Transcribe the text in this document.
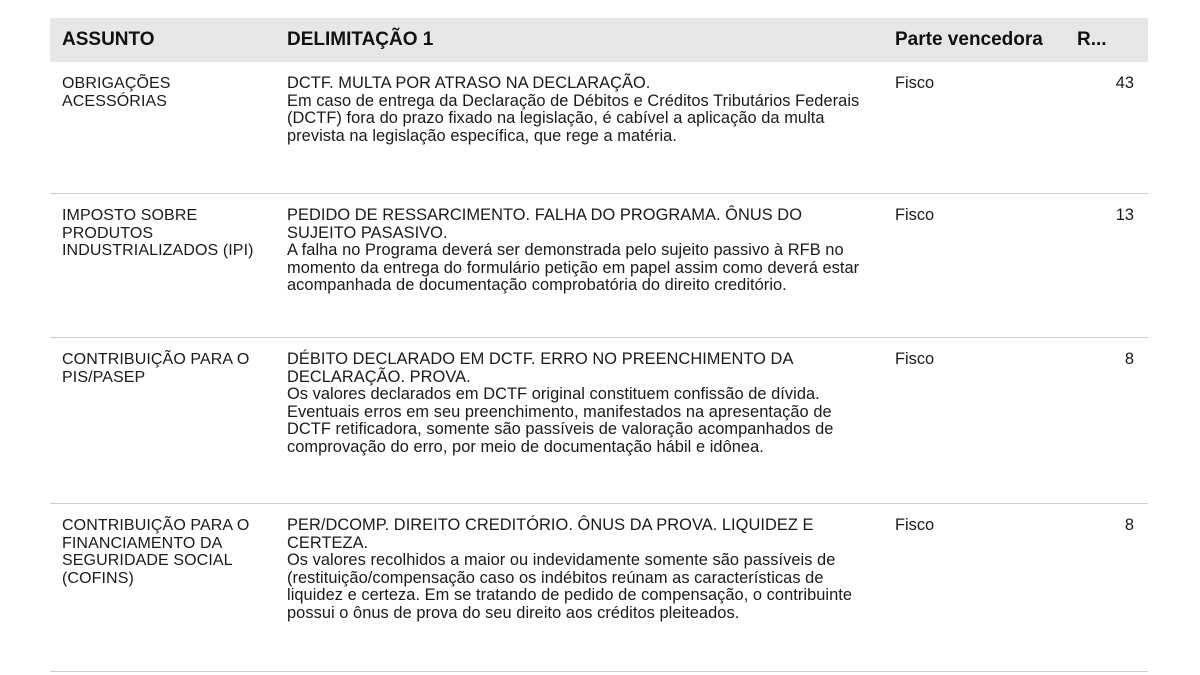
ASSUNTO	DELIMITAÇÃO 1	Parte vencedora	R...
OBRIGAÇÕES ACESSÓRIAS	DCTF. MULTA POR ATRASO NA DECLARAÇÃO.
Em caso de entrega da Declaração de Débitos e Créditos Tributários Federais (DCTF) fora do prazo fixado na legislação, é cabível a aplicação da multa prevista na legislação específica, que rege a matéria.	Fisco	43
IMPOSTO SOBRE PRODUTOS INDUSTRIALIZADOS (IPI)	PEDIDO DE RESSARCIMENTO. FALHA DO PROGRAMA. ÔNUS DO SUJEITO PASASIVO.
A falha no Programa deverá ser demonstrada pelo sujeito passivo à RFB no momento da entrega do formulário petição em papel assim como deverá estar acompanhada de documentação comprobatória do direito creditório.	Fisco	13
CONTRIBUIÇÃO PARA O PIS/PASEP	DÉBITO DECLARADO EM DCTF. ERRO NO PREENCHIMENTO DA DECLARAÇÃO. PROVA.
Os valores declarados em DCTF original constituem confissão de dívida. Eventuais erros em seu preenchimento, manifestados na apresentação de DCTF retificadora, somente são passíveis de valoração acompanhados de comprovação do erro, por meio de documentação hábil e idônea.	Fisco	8
CONTRIBUIÇÃO PARA O FINANCIAMENTO DA SEGURIDADE SOCIAL (COFINS)	PER/DCOMP. DIREITO CREDITÓRIO. ÔNUS DA PROVA. LIQUIDEZ E CERTEZA.
Os valores recolhidos a maior ou indevidamente somente são passíveis de (restituição/compensação caso os indébitos reúnam as características de liquidez e certeza. Em se tratando de pedido de compensação, o contribuinte possui o ônus de prova do seu direito aos créditos pleiteados.	Fisco	8
